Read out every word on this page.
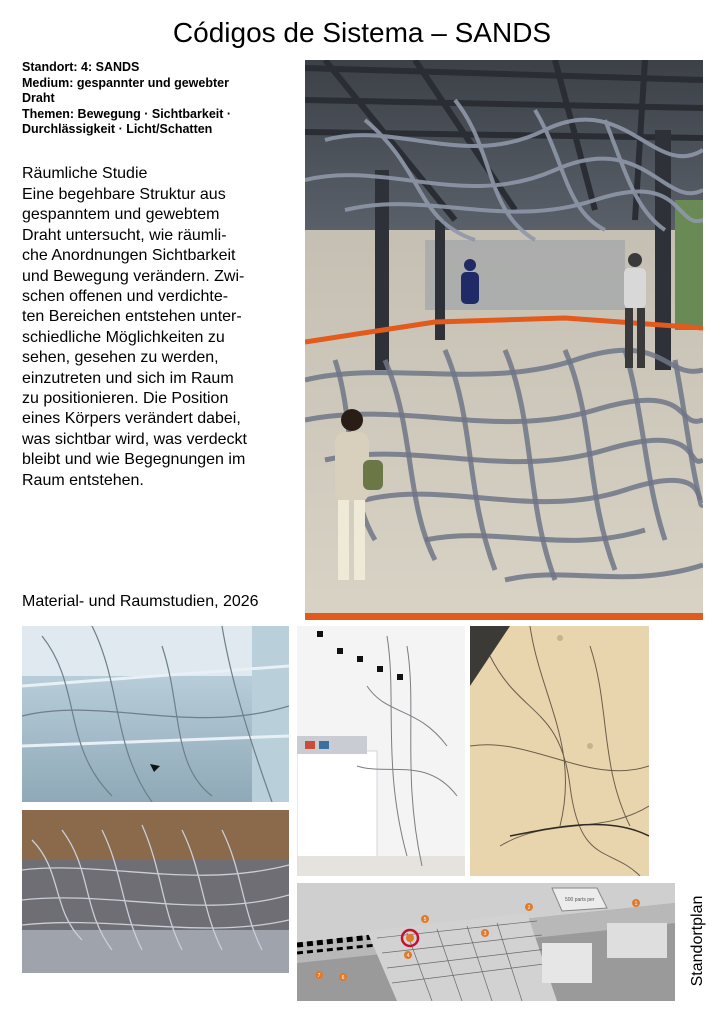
Códigos de Sistema – SANDS
Standort: 4: SANDS
Medium: gespannter und gewebter
Draht
Themen: Bewegung · Sichtbarkeit ·
Durchlässigkeit · Licht/Schatten
Räumliche Studie
Eine begehbare Struktur aus
gespanntem und gewebtem
Draht untersucht, wie räumli-
che Anordnungen Sichtbarkeit
und Bewegung verändern. Zwi-
schen offenen und verdichte-
ten Bereichen entstehen unter-
schiedliche Möglichkeiten zu
sehen, gesehen zu werden,
einzutreten und sich im Raum
zu positionieren. Die Position
eines Körpers verändert dabei,
was sichtbar wird, was verdeckt
bleibt und wie Begegnungen im
Raum entstehen.
Material- und Raumstudien, 2026
500 parts per
1
2
3
4
5
6
7	Standortplan
